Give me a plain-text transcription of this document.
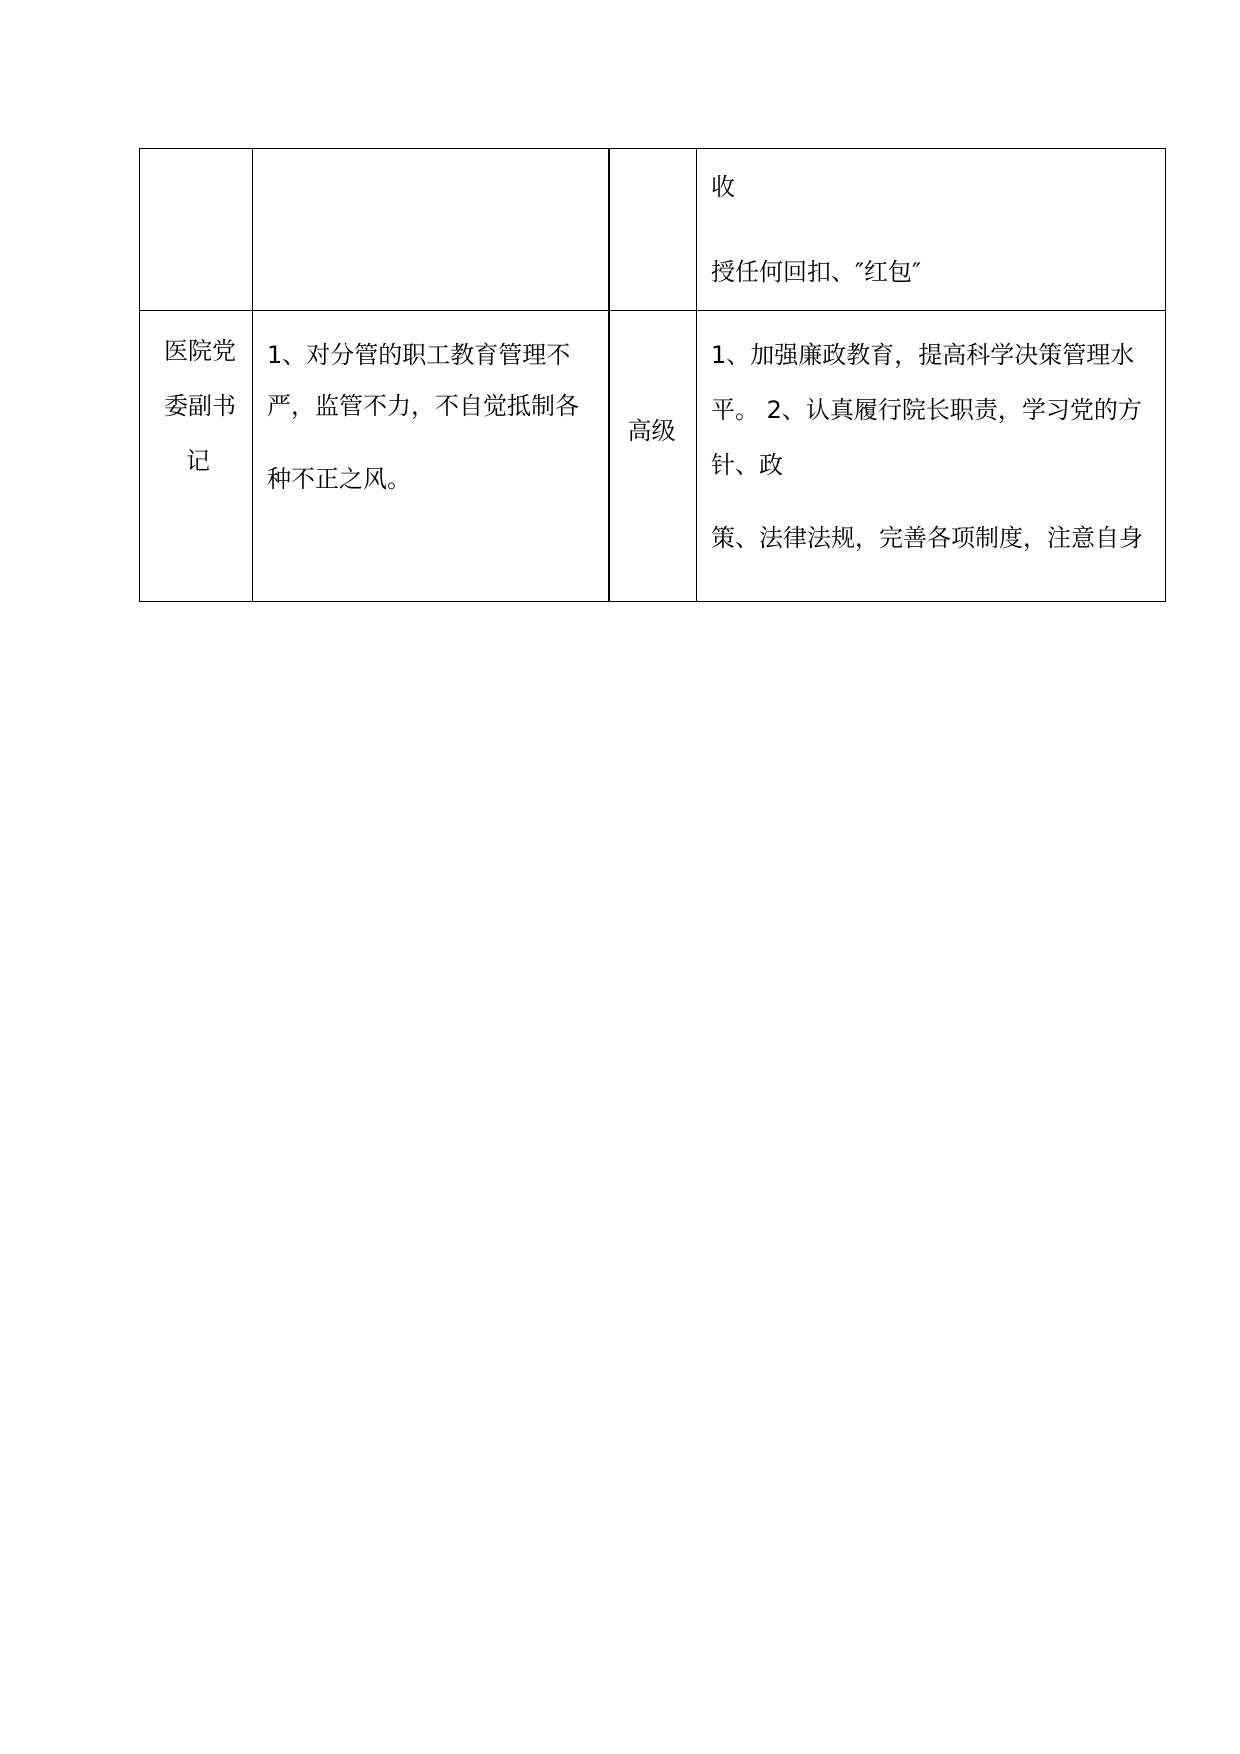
			收
授任何回扣、″红包″

医院党
委副书
记	1、对分管的职工教育管理不
严，监管不力，不自觉抵制各
种不正之风。	高级	1、加强廉政教育，提高科学决策管理水
平。 2、认真履行院长职责，学习党的方
针、政
策、法律法规，完善各项制度，注意自身
